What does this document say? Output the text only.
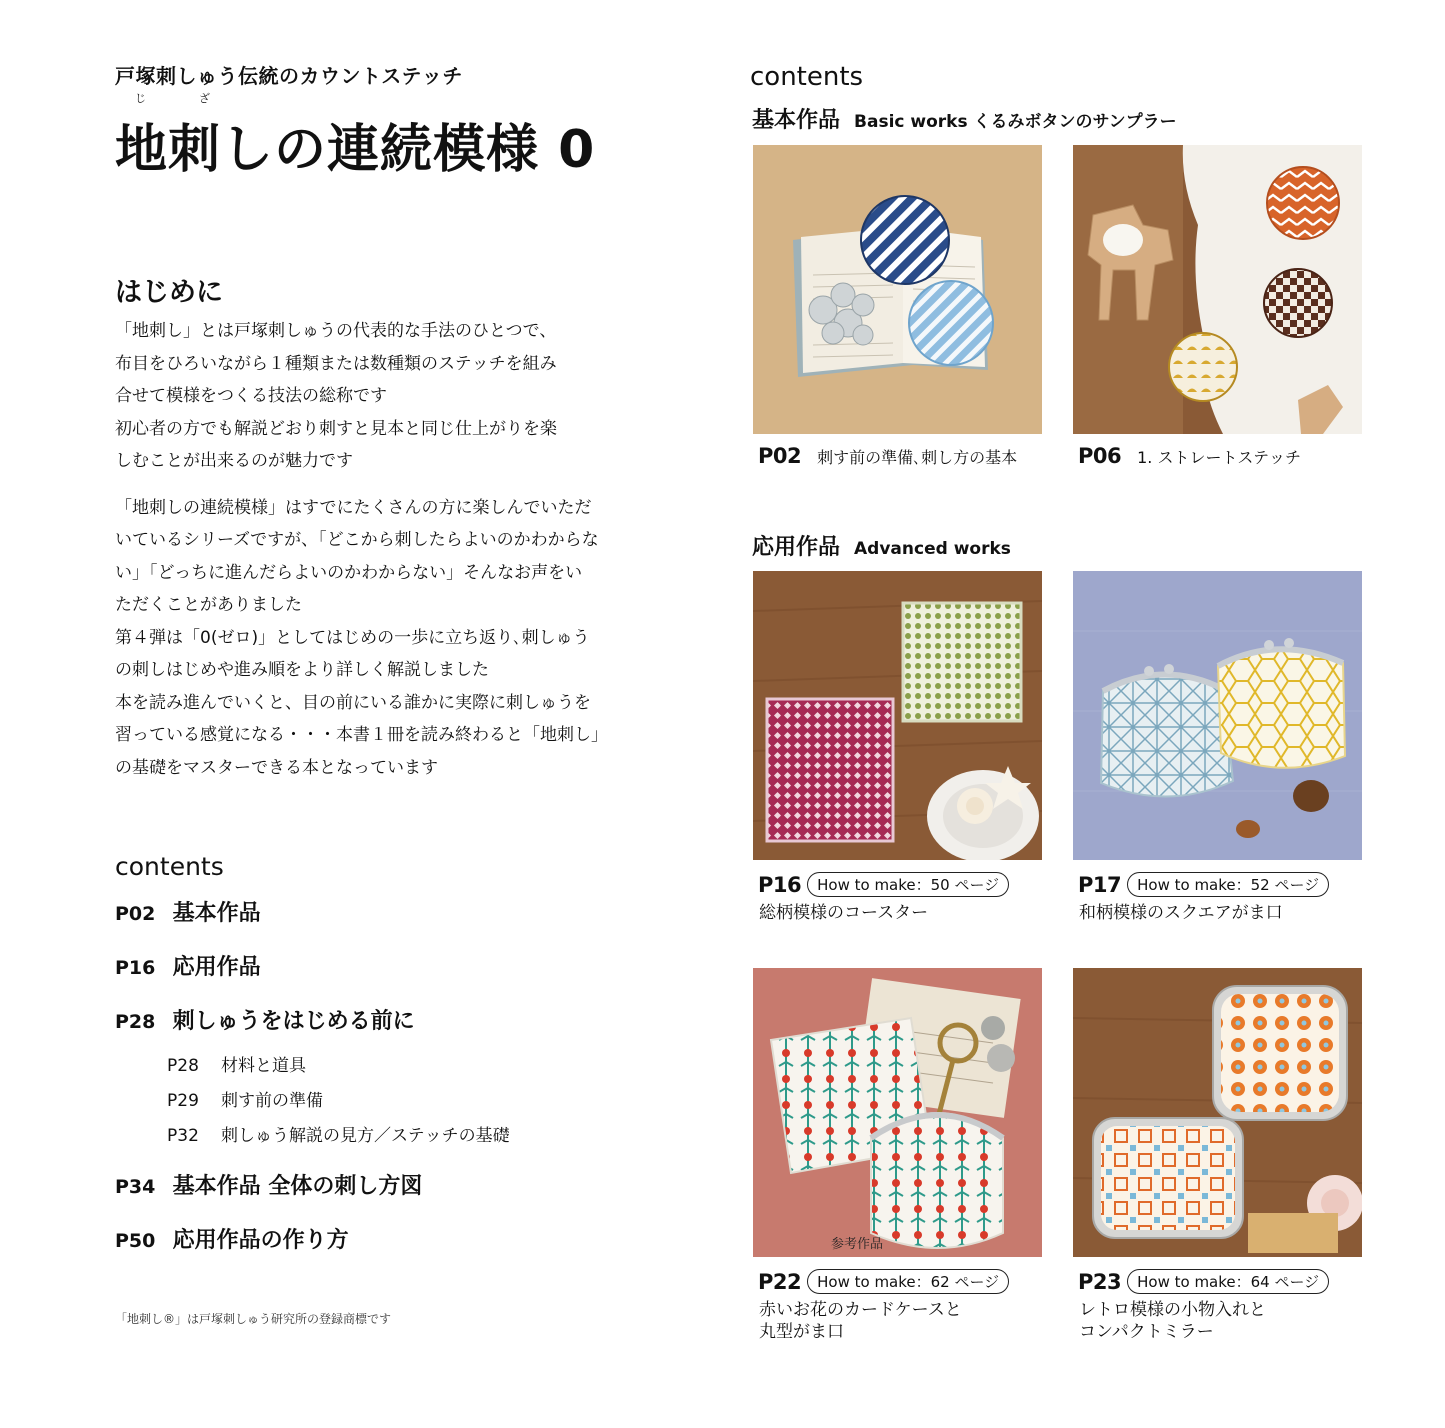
戸塚刺しゅう伝統のカウントステッチ
じ	ざ
地刺しの連続模様 0
はじめに
「地刺し」とは戸塚刺しゅうの代表的な手法のひとつで、
布目をひろいながら１種類または数種類のステッチを組み
合せて模様をつくる技法の総称です
初心者の方でも解説どおり刺すと見本と同じ仕上がりを楽
しむことが出来るのが魅力です
「地刺しの連続模様」はすでにたくさんの方に楽しんでいただ
いているシリーズですが、「どこから刺したらよいのかわからな
い」「どっちに進んだらよいのかわからない」そんなお声をい
ただくことがありました
第４弾は「0(ゼロ)」としてはじめの一歩に立ち返り､刺しゅう
の刺しはじめや進み順をより詳しく解説しました
本を読み進んでいくと、目の前にいる誰かに実際に刺しゅうを
習っている感覚になる・・・本書１冊を読み終わると「地刺し」
の基礎をマスターできる本となっています
contents
P02 基本作品
P16 応用作品
P28 刺しゅうをはじめる前に
P28 材料と道具
P29 刺す前の準備
P32 刺しゅう解説の見方／ステッチの基礎
P34 基本作品 全体の刺し方図
P50 応用作品の作り方
「地刺し®」は戸塚刺しゅう研究所の登録商標です
contents
基本作品 Basic works くるみボタンのサンプラー
P02 刺す前の準備､刺し方の基本	P06 1. ストレートステッチ
応用作品 Advanced works
P16	How to make：50 ページ
総柄模様のコースター
P17	How to make：52 ページ
和柄模様のスクエアがま口
参考作品
P22	How to make：62 ページ
赤いお花のカードケースと
丸型がま口
P23	How to make：64 ページ
レトロ模様の小物入れと
コンパクトミラー
